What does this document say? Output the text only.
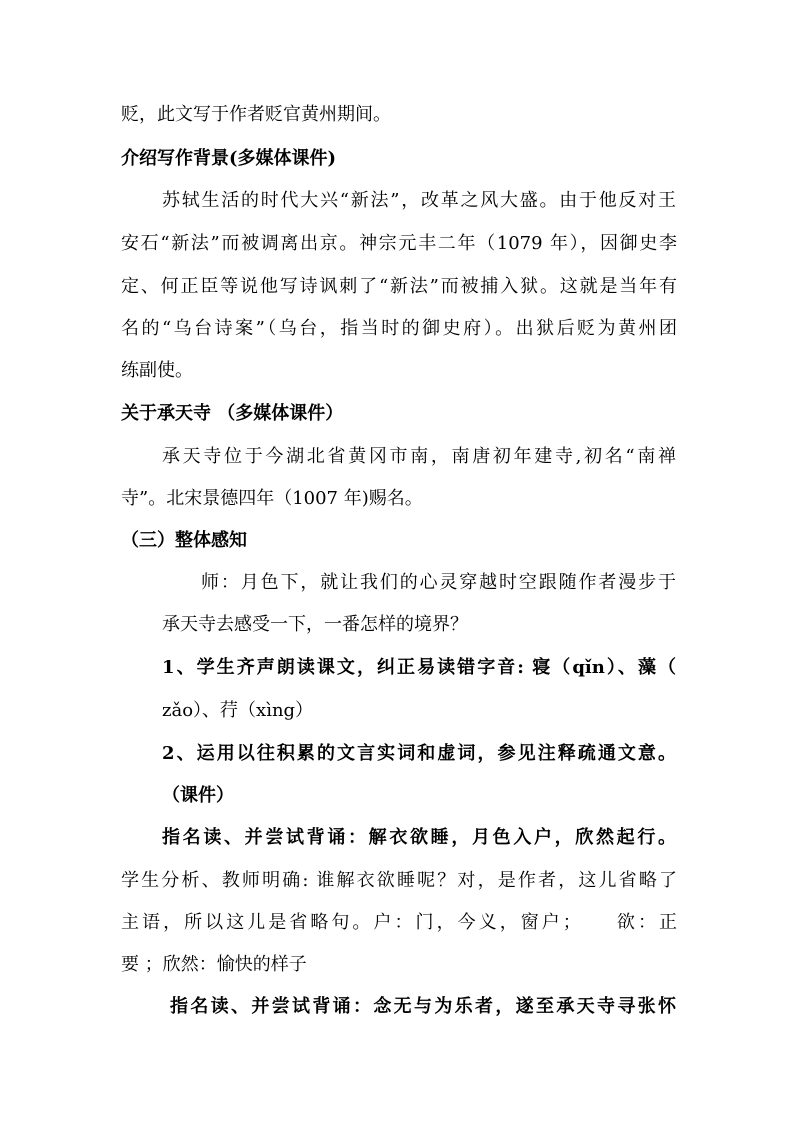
贬，此文写于作者贬官黄州期间。
介绍写作背景(多媒体课件)
苏轼生活的时代大兴“新法”，改革之风大盛。由于他反对王
安石“新法”而被调离出京。神宗元丰二年（1079 年），因御史李
定、何正臣等说他写诗讽刺了“新法”而被捕入狱。这就是当年有
名的“乌台诗案”（乌台，指当时的御史府）。出狱后贬为黄州团
练副使。
关于承天寺 （多媒体课件）
承天寺位于今湖北省黄冈市南，南唐初年建寺,初名“南禅
寺”。北宋景德四年（1007 年)赐名。
（三）整体感知
师：月色下，就让我们的心灵穿越时空跟随作者漫步于
承天寺去感受一下，一番怎样的境界？
1、学生齐声朗读课文，纠正易读错字音: 寝（qǐn）、藻（
zǎo）、荇（xìng）
2、运用以往积累的文言实词和虚词，参见注释疏通文意。
（课件）
指名读、并尝试背诵：解衣欲睡，月色入户，欣然起行。
学生分析、教师明确: 谁解衣欲睡呢？对，是作者，这儿省略了
主语，所以这儿是省略句。户：门，今义，窗户；　　欲：正
要 ；欣然：愉快的样子
指名读、并尝试背诵：念无与为乐者，遂至承天寺寻张怀
